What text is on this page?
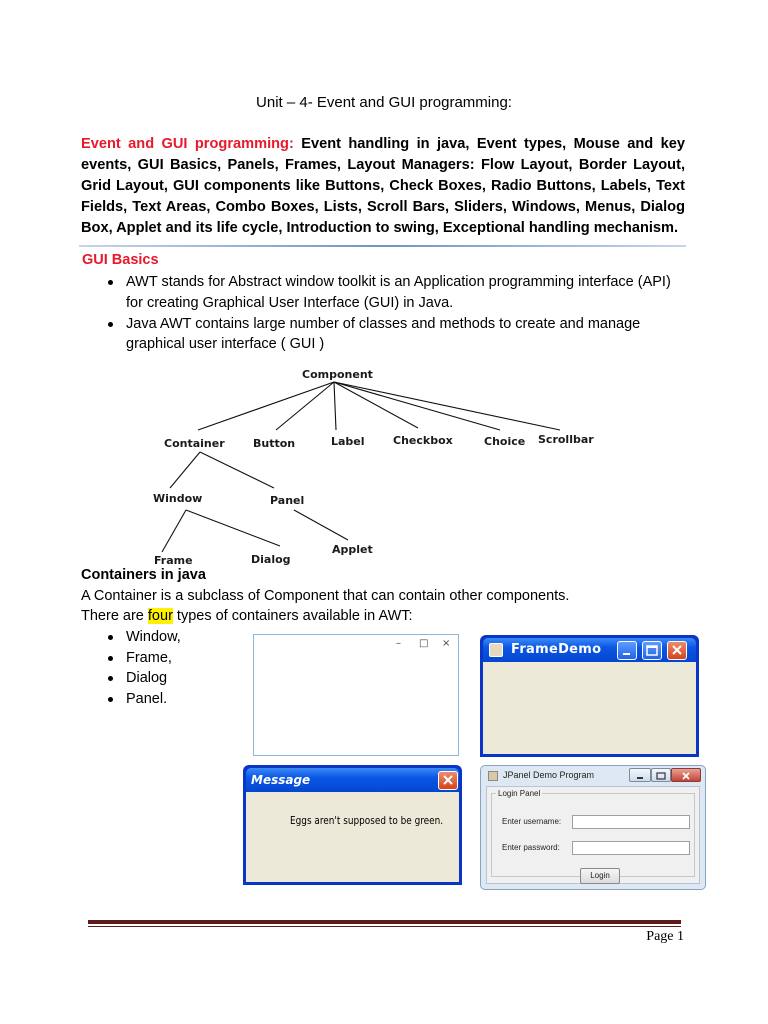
Unit – 4- Event and GUI programming:
Event and GUI programming: Event handling in java, Event types, Mouse and key events, GUI Basics, Panels, Frames, Layout Managers: Flow Layout, Border Layout, Grid Layout, GUI components like Buttons, Check Boxes, Radio Buttons, Labels, Text Fields, Text Areas, Combo Boxes, Lists, Scroll Bars, Sliders, Windows, Menus, Dialog Box, Applet and its life cycle, Introduction to swing, Exceptional handling mechanism.
GUI Basics
AWT stands for Abstract window toolkit is an Application programming interface (API) for creating Graphical User Interface (GUI) in Java.
Java AWT contains large number of classes and methods to create and manage graphical user interface ( GUI )
Component
Container	Button	Label	Checkbox	Choice Scrollbar
Window	Panel
Frame	Dialog
Applet
Containers in java
A Container is a subclass of Component that can contain other components.
There are four types of containers available in AWT:
Window,
Frame,
Dialog
Panel.
– □ ×	FrameDemo
Message
Eggs aren't supposed to be green.
JPanel Demo Program
Login Panel
Enter username:
Enter password:
Login
Page 1
